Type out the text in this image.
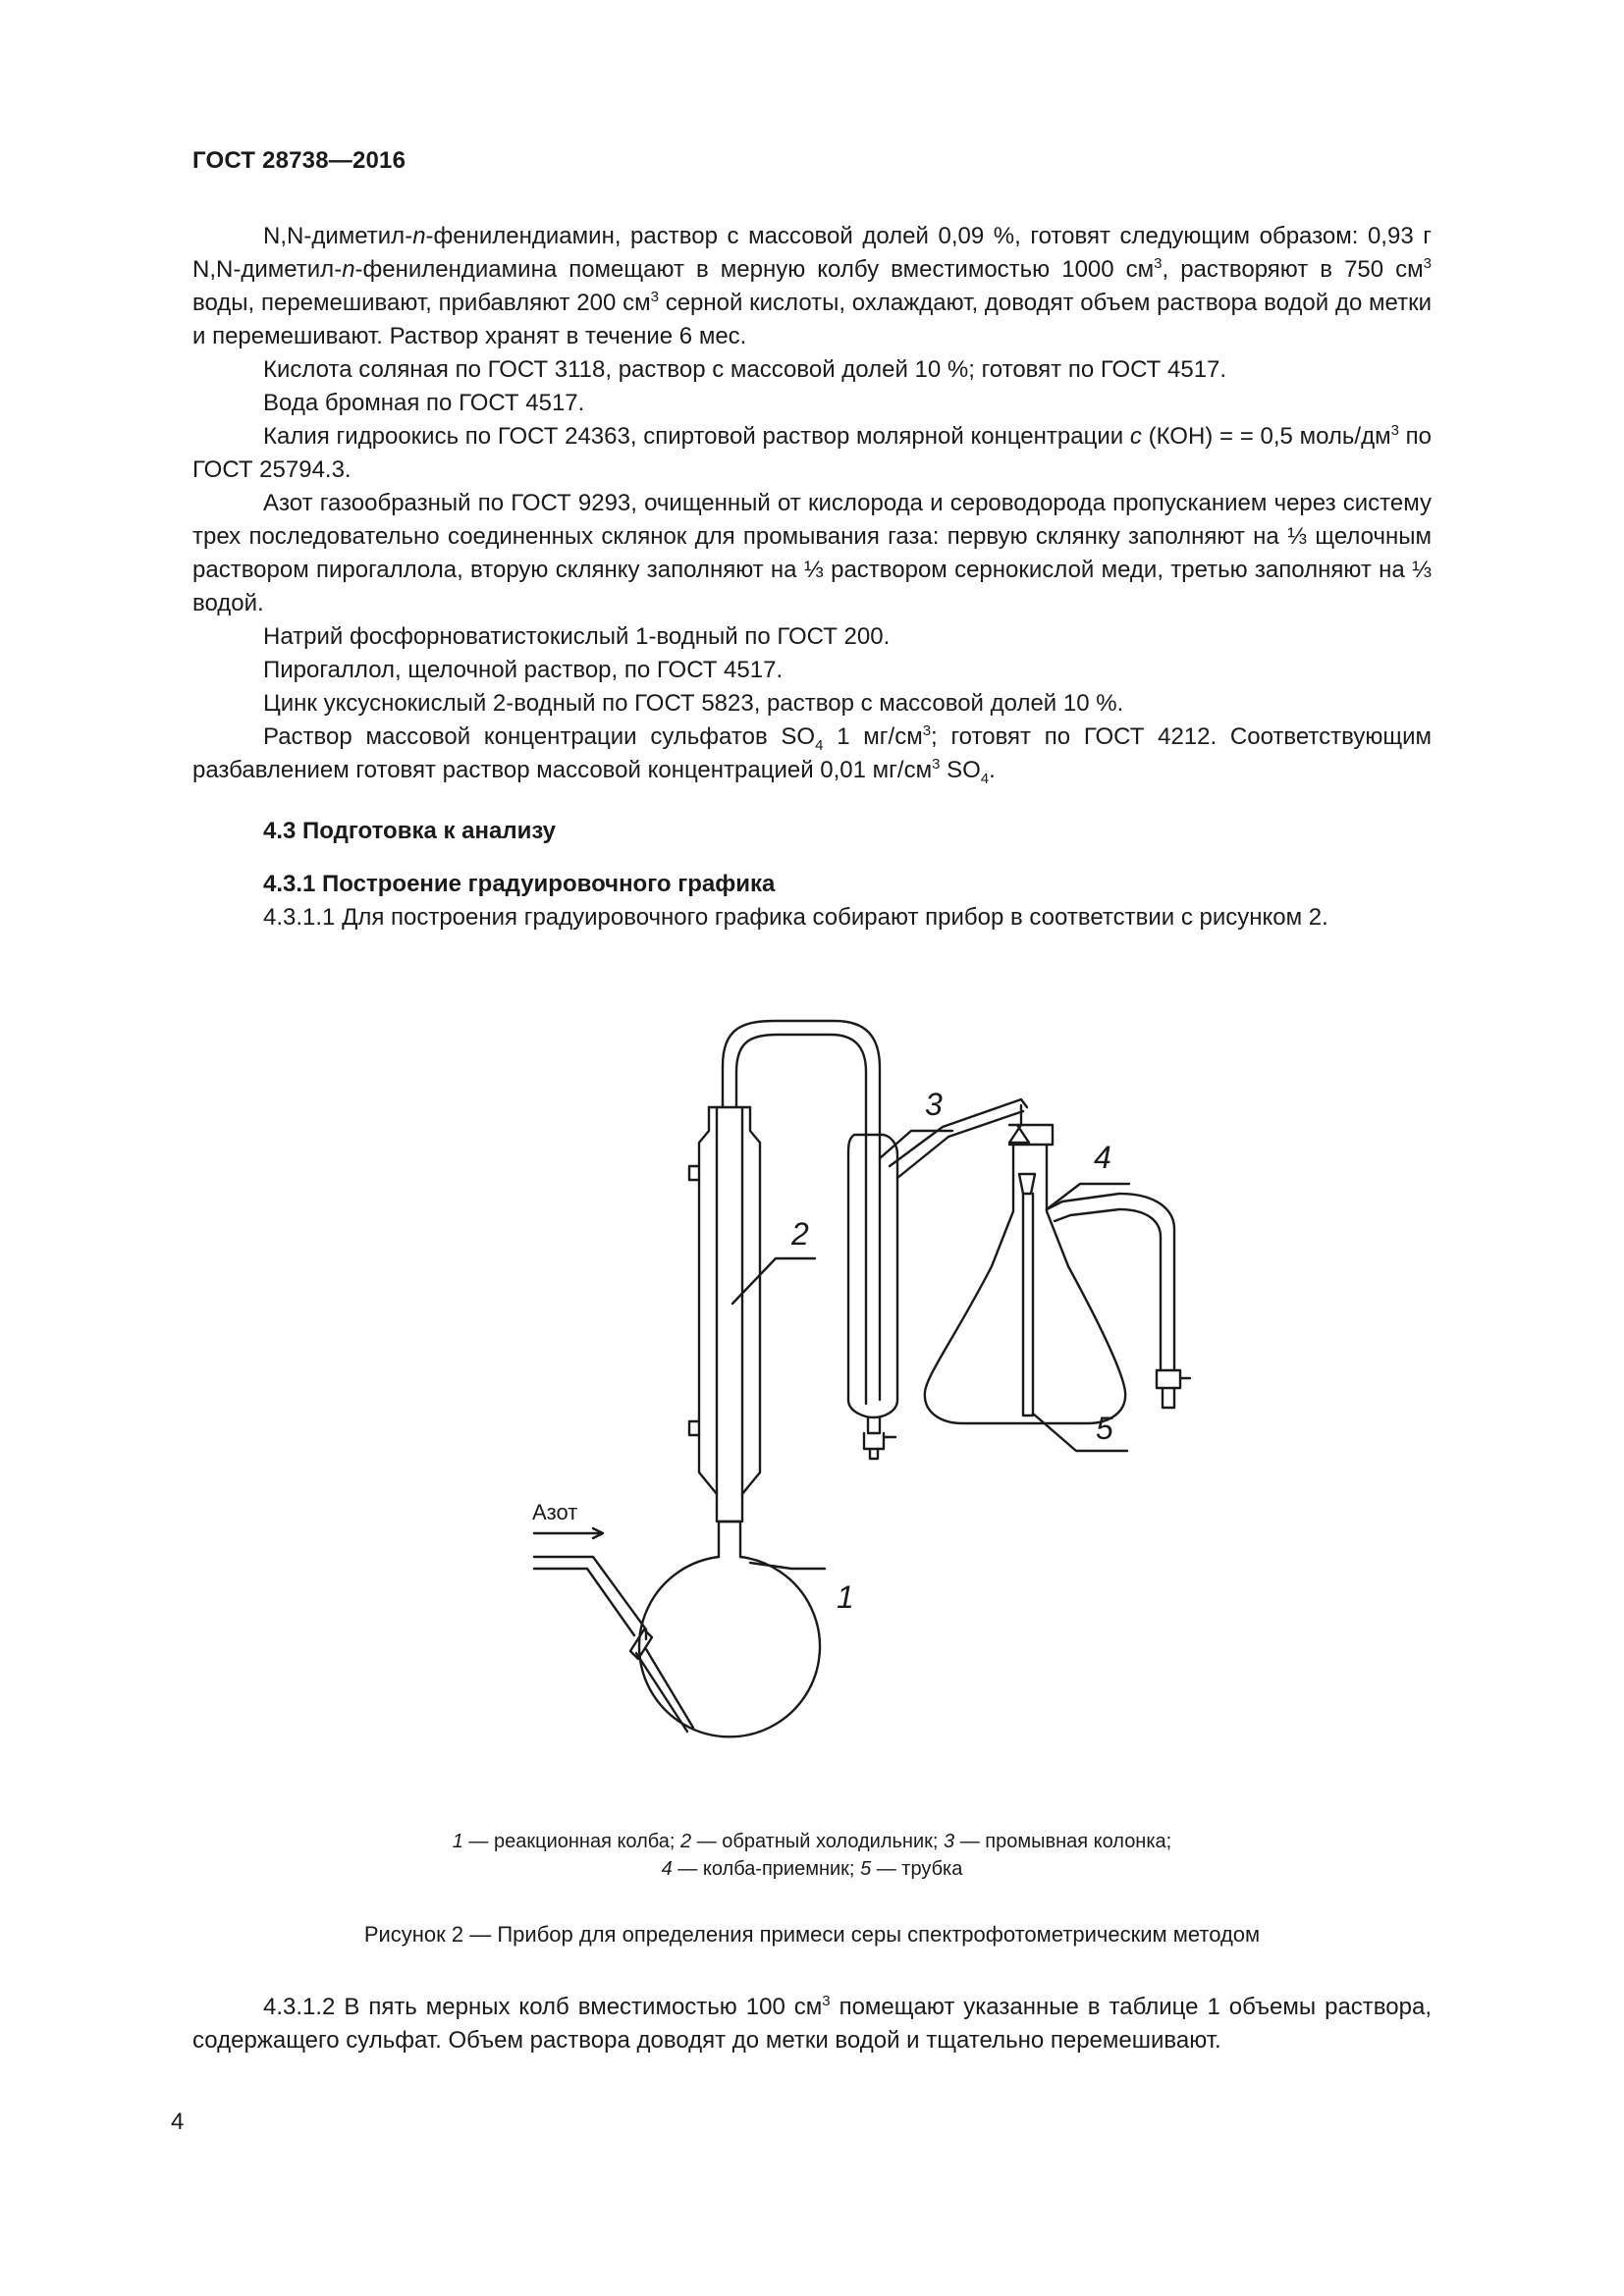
ГОСТ 28738—2016

N,N-диметил-n-фенилендиамин, раствор с массовой долей 0,09 %, готовят следующим образом: 0,93 г N,N-диметил-n-фенилендиамина помещают в мерную колбу вместимостью 1000 $см^3$, растворяют в 750 $см^3$ воды, перемешивают, прибавляют 200 $см^3$ серной кислоты, охлаждают, доводят объем раствора водой до метки и перемешивают. Раствор хранят в течение 6 мес.

Кислота соляная по ГОСТ 3118, раствор с массовой долей 10 %; готовят по ГОСТ 4517.

Вода бромная по ГОСТ 4517.

Калия гидроокись по ГОСТ 24363, спиртовой раствор молярной концентрации с (КОН) = = 0,5 моль/$дм^3$ по ГОСТ 25794.3.

Азот газообразный по ГОСТ 9293, очищенный от кислорода и сероводорода пропусканием через систему трех последовательно соединенных склянок для промывания газа: первую склянку заполняют на ⅓ щелочным раствором пирогаллола, вторую склянку заполняют на ⅓ раствором сернокислой меди, третью заполняют на ⅓ водой.

Натрий фосфорноватистокислый 1-водный по ГОСТ 200.

Пирогаллол, щелочной раствор, по ГОСТ 4517.

Цинк уксуснокислый 2-водный по ГОСТ 5823, раствор с массовой долей 10 %.

Раствор массовой концентрации сульфатов $SO_4$ 1 $мг/см^3$; готовят по ГОСТ 4212. Соответствующим разбавлением готовят раствор массовой концентрацией 0,01 $мг/см^3$ $SO_4$.

4.3 Подготовка к анализу
4.3.1 Построение градуировочного графика

4.3.1.1 Для построения градуировочного графика собирают прибор в соответствии с рисунком 2.

Азот
2
3
4
5
1
1 — реакционная колба; 2 — обратный холодильник; 3 — промывная колонка;
4 — колба-приемник; 5 — трубка
Рисунок 2 — Прибор для определения примеси серы спектрофотометрическим методом

4.3.1.2 В пять мерных колб вместимостью 100 $см^3$ помещают указанные в таблице 1 объемы раствора, содержащего сульфат. Объем раствора доводят до метки водой и тщательно перемешивают.

4
